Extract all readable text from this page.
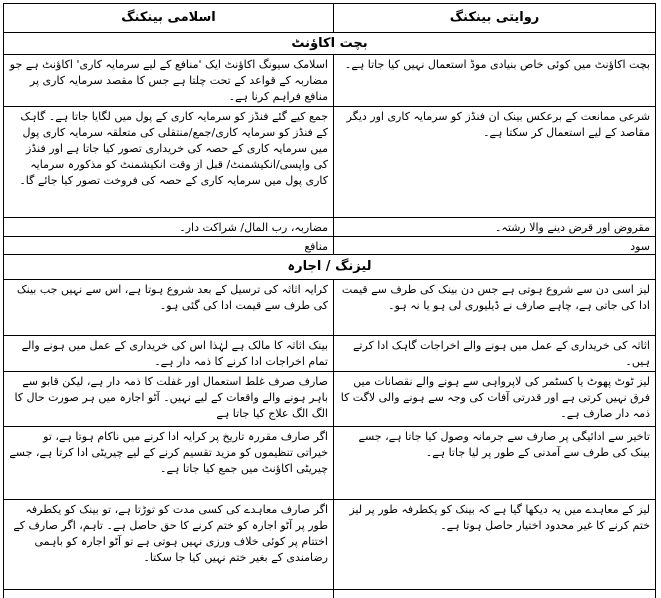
روایتی بینکنگ
اسلامی بینکنگ
بچت اکاؤنٹ
بچت اکاؤنٹ میں کوئی خاص بنیادی موڈ استعمال نہیں کیا جاتا ہے۔
اسلامک سیونگ اکاؤنٹ ایک 'منافع کے لیے سرمایہ کاری' اکاؤنٹ ہے جو مضاربہ کے قواعد کے تحت چلتا ہے جس کا مقصد سرمایہ کاری پر منافع فراہم کرنا ہے۔
شرعی ممانعت کے برعکس بینک ان فنڈز کو سرمایہ کاری اور دیگر مقاصد کے لیے استعمال کر سکتا ہے۔
جمع کیے گئے فنڈز کو سرمایہ کاری کے پول میں لگایا جاتا ہے۔ گاہک کے فنڈز کو سرمایہ کاری/جمع/منتقلی کی متعلقہ سرمایہ کاری پول میں سرمایہ کاری کے حصہ کی خریداری تصور کیا جاتا ہے اور فنڈز کی واپسی/انکیشمنٹ/ قبل از وقت انکیشمنٹ کو مذکورہ سرمایہ کاری پول میں سرمایہ کاری کے حصہ کی فروخت تصور کیا جائے گا۔
مقروض اور قرض دینے والا رشتہ۔
مضاربہ، رب المال/ شراکت دار۔
سود
منافع
لیزنگ / اجارہ
لیز اسی دن سے شروع ہوتی ہے جس دن بینک کی طرف سے قیمت ادا کی جاتی ہے، چاہے صارف نے ڈیلیوری لی ہو یا نہ ہو۔
کرایہ اثاثہ کی ترسیل کے بعد شروع ہوتا ہے، اس سے نہیں جب بینک کی طرف سے قیمت ادا کی گئی ہو۔
اثاثہ کی خریداری کے عمل میں ہونے والے اخراجات گاہک ادا کرتے ہیں۔
بینک اثاثہ کا مالک ہے لہٰذا اس کی خریداری کے عمل میں ہونے والے تمام اخراجات ادا کرنے کا ذمہ دار ہے۔
لیز ٹوٹ پھوٹ یا کسٹمر کی لاپرواہی سے ہونے والے نقصانات میں فرق نہیں کرتی ہے اور قدرتی آفات کی وجہ سے ہونے والی لاگت کا ذمہ دار صارف ہے۔
صارف صرف غلط استعمال اور غفلت کا ذمہ دار ہے، لیکن قابو سے باہر ہونے والے واقعات کے لیے نہیں۔ آٹو اجارہ میں ہر صورت حال کا الگ الگ علاج کیا جاتا ہے
تاخیر سے ادائیگی پر صارف سے جرمانہ وصول کیا جاتا ہے، جسے بینک کی طرف سے آمدنی کے طور پر لیا جاتا ہے۔
اگر صارف مقررہ تاریخ پر کرایہ ادا کرنے میں ناکام ہوتا ہے، تو خیراتی تنظیموں کو مزید تقسیم کرنے کے لیے چیریٹی ادا کرتا ہے، جسے چیریٹی اکاؤنٹ میں جمع کیا جاتا ہے۔
لیز کے معاہدے میں یہ دیکھا گیا ہے کہ بینک کو یکطرفہ طور پر لیز ختم کرنے کا غیر محدود اختیار حاصل ہوتا ہے۔
اگر صارف معاہدے کی کسی مدت کو توڑتا ہے، تو بینک کو یکطرفہ طور پر آٹو اجارہ کو ختم کرنے کا حق حاصل ہے۔ تاہم، اگر صارف کے اختتام پر کوئی خلاف ورزی نہیں ہوتی ہے تو آٹو اجارہ کو باہمی رضامندی کے بغیر ختم نہیں کیا جا سکتا۔
